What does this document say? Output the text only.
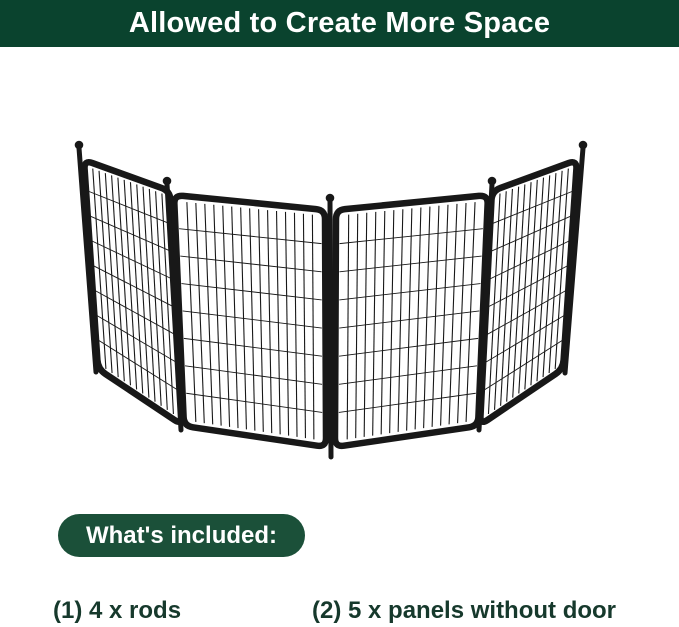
Allowed to Create More Space
What's included:
(1) 4 x rods	(2) 5 x panels without door
